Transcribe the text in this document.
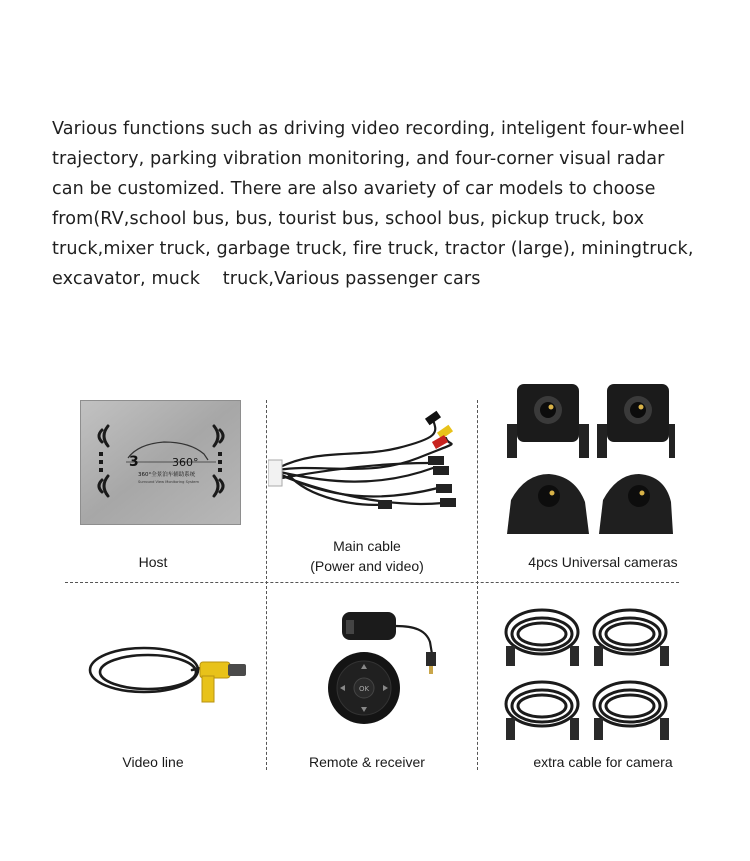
Various functions such as driving video recording, inteligent four-wheel
trajectory, parking vibration monitoring, and four-corner visual radar
can be customized. There are also avariety of car models to choose
from(RV,school bus, bus, tourist bus, school bus, pickup truck, box
truck,mixer truck, garbage truck, fire truck, tractor (large), miningtruck,
excavator, muck    truck,Various passenger cars
3	360°
360°全景泊车辅助系统
Surround View Monitoring System
Host
Main cable
(Power and video)	4pcs Universal cameras
Video line
OK
Remote & receiver	extra cable for camera
